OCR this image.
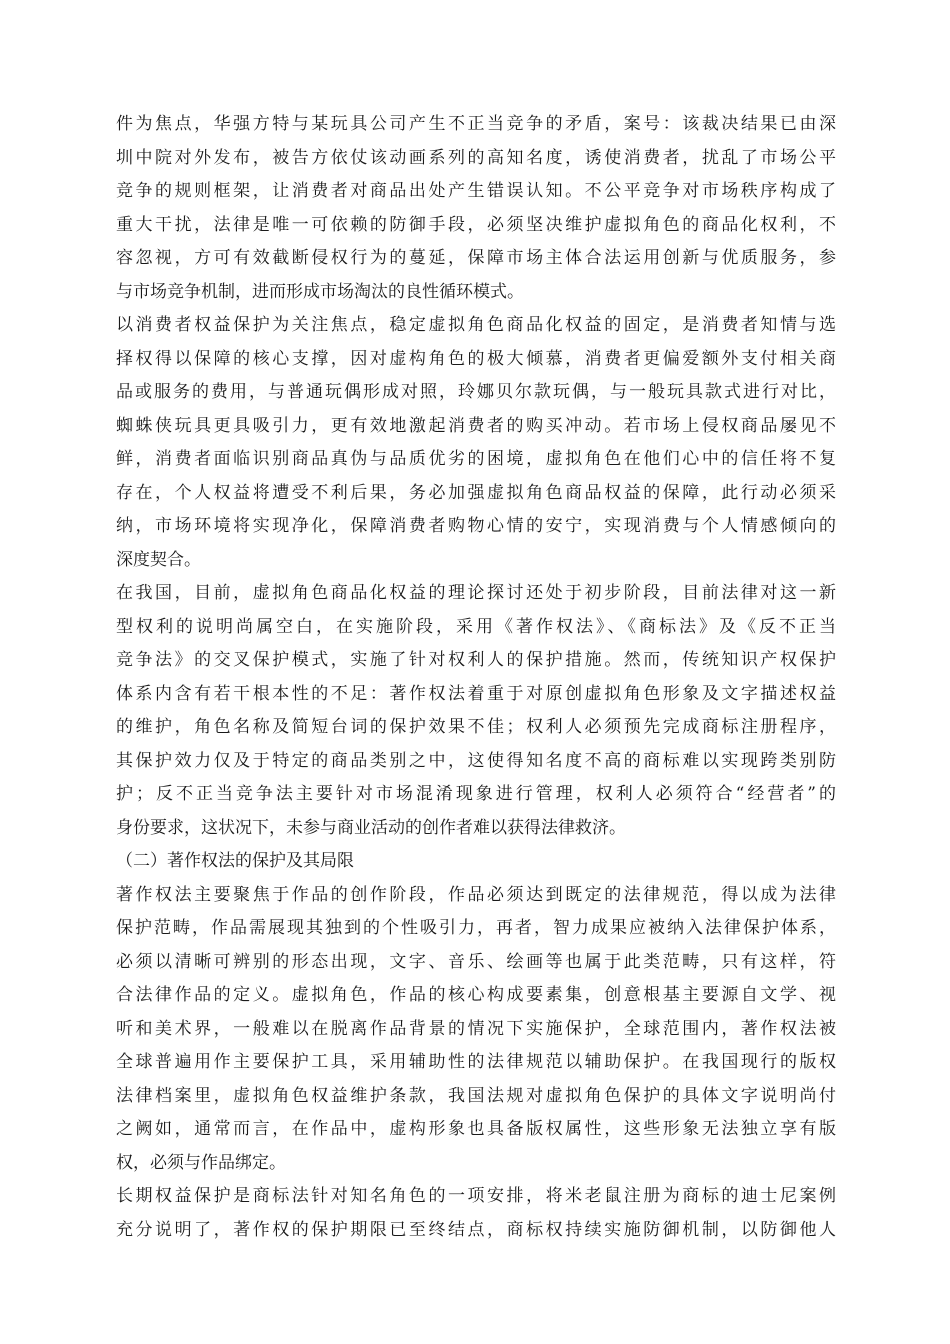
件为焦点，华强方特与某玩具公司产生不正当竞争的矛盾，案号：该裁决结果已由深
圳中院对外发布，被告方依仗该动画系列的高知名度，诱使消费者，扰乱了市场公平
竞争的规则框架，让消费者对商品出处产生错误认知。不公平竞争对市场秩序构成了
重大干扰，法律是唯一可依赖的防御手段，必须坚决维护虚拟角色的商品化权利，不
容忽视，方可有效截断侵权行为的蔓延，保障市场主体合法运用创新与优质服务，参
与市场竞争机制，进而形成市场淘汰的良性循环模式。
以消费者权益保护为关注焦点，稳定虚拟角色商品化权益的固定，是消费者知情与选
择权得以保障的核心支撑，因对虚构角色的极大倾慕，消费者更偏爱额外支付相关商
品或服务的费用，与普通玩偶形成对照，玲娜贝尔款玩偶，与一般玩具款式进行对比，
蜘蛛侠玩具更具吸引力，更有效地激起消费者的购买冲动。若市场上侵权商品屡见不
鲜，消费者面临识别商品真伪与品质优劣的困境，虚拟角色在他们心中的信任将不复
存在，个人权益将遭受不利后果，务必加强虚拟角色商品权益的保障，此行动必须采
纳，市场环境将实现净化，保障消费者购物心情的安宁，实现消费与个人情感倾向的
深度契合。
在我国，目前，虚拟角色商品化权益的理论探讨还处于初步阶段，目前法律对这一新
型权利的说明尚属空白，在实施阶段，采用《著作权法》、《商标法》及《反不正当
竞争法》的交叉保护模式，实施了针对权利人的保护措施。然而，传统知识产权保护
体系内含有若干根本性的不足：著作权法着重于对原创虚拟角色形象及文字描述权益
的维护，角色名称及简短台词的保护效果不佳；权利人必须预先完成商标注册程序，
其保护效力仅及于特定的商品类别之中，这使得知名度不高的商标难以实现跨类别防
护；反不正当竞争法主要针对市场混淆现象进行管理，权利人必须符合“经营者”的
身份要求，这状况下，未参与商业活动的创作者难以获得法律救济。
（二）著作权法的保护及其局限
著作权法主要聚焦于作品的创作阶段，作品必须达到既定的法律规范，得以成为法律
保护范畴，作品需展现其独到的个性吸引力，再者，智力成果应被纳入法律保护体系，
必须以清晰可辨别的形态出现，文字、音乐、绘画等也属于此类范畴，只有这样，符
合法律作品的定义。虚拟角色，作品的核心构成要素集，创意根基主要源自文学、视
听和美术界，一般难以在脱离作品背景的情况下实施保护，全球范围内，著作权法被
全球普遍用作主要保护工具，采用辅助性的法律规范以辅助保护。在我国现行的版权
法律档案里，虚拟角色权益维护条款，我国法规对虚拟角色保护的具体文字说明尚付
之阙如，通常而言，在作品中，虚构形象也具备版权属性，这些形象无法独立享有版
权，必须与作品绑定。
长期权益保护是商标法针对知名角色的一项安排，将米老鼠注册为商标的迪士尼案例
充分说明了，著作权的保护期限已至终结点，商标权持续实施防御机制，以防御他人
